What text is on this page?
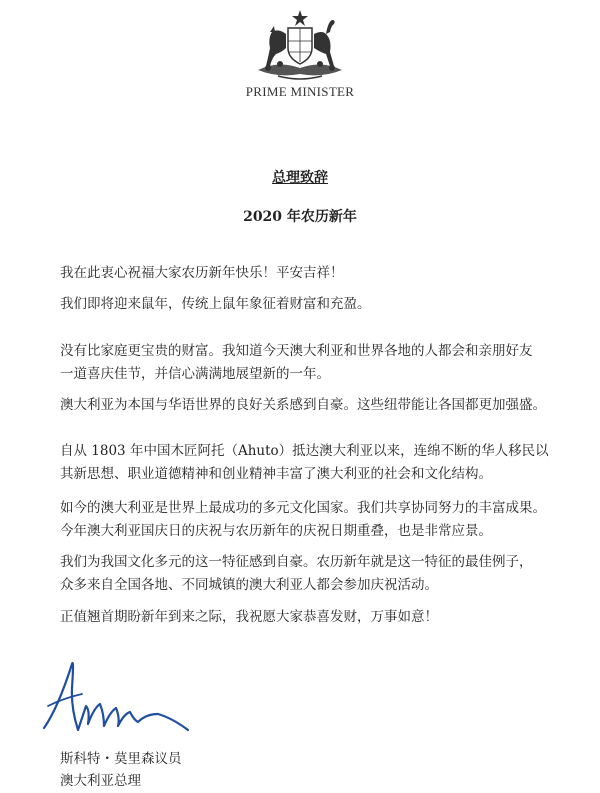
PRIME MINISTER
总理致辞
2020 年农历新年
我在此衷心祝福大家农历新年快乐！平安吉祥！
我们即将迎来鼠年，传统上鼠年象征着财富和充盈。
没有比家庭更宝贵的财富。我知道今天澳大利亚和世界各地的人都会和亲朋好友
一道喜庆佳节，并信心满满地展望新的一年。
澳大利亚为本国与华语世界的良好关系感到自豪。这些纽带能让各国都更加强盛。
自从 1803 年中国木匠阿托（Ahuto）抵达澳大利亚以来，连绵不断的华人移民以
其新思想、职业道德精神和创业精神丰富了澳大利亚的社会和文化结构。
如今的澳大利亚是世界上最成功的多元文化国家。我们共享协同努力的丰富成果。
今年澳大利亚国庆日的庆祝与农历新年的庆祝日期重叠，也是非常应景。
我们为我国文化多元的这一特征感到自豪。农历新年就是这一特征的最佳例子，
众多来自全国各地、不同城镇的澳大利亚人都会参加庆祝活动。
正值翘首期盼新年到来之际，我祝愿大家恭喜发财，万事如意！
斯科特・莫里森议员
澳大利亚总理
